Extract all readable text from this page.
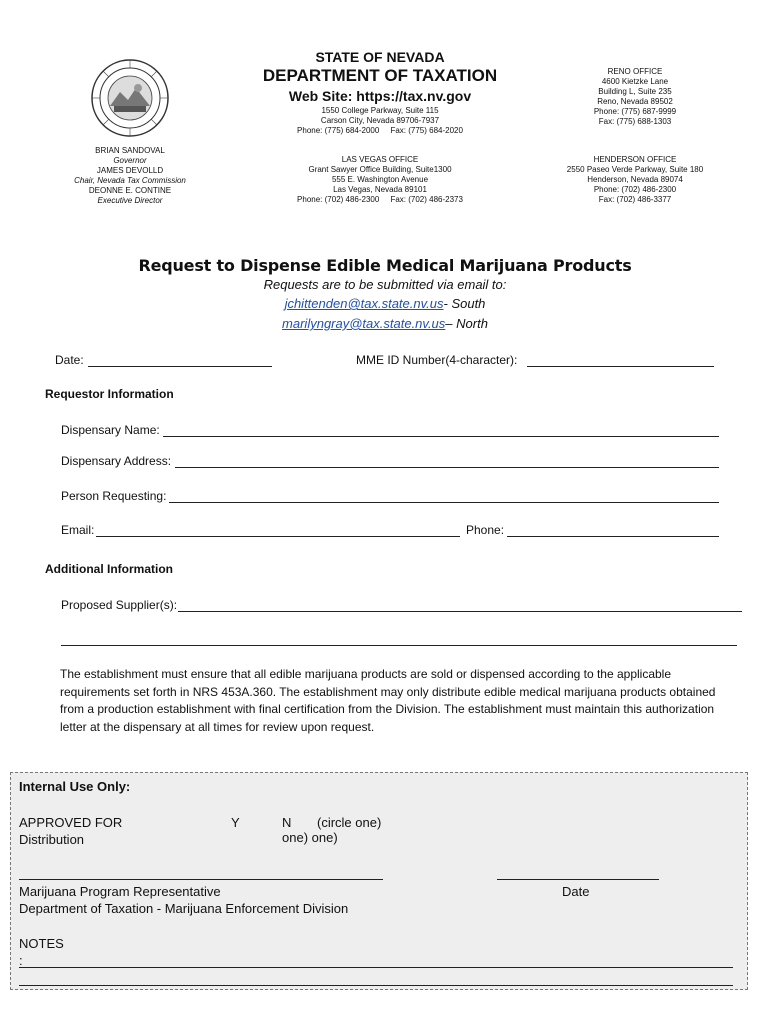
STATE OF NEVADA
DEPARTMENT OF TAXATION
Web Site: https://tax.nv.gov
1550 College Parkway, Suite 115
Carson City, Nevada 89706-7937
Phone: (775) 684-2000     Fax: (775) 684-2020
RENO OFFICE
4600 Kietzke Lane
Building L, Suite 235
Reno, Nevada 89502
Phone: (775) 687-9999
Fax: (775) 688-1303
BRIAN SANDOVAL
Governor
JAMES DEVOLLD
Chair, Nevada Tax Commission
DEONNE E. CONTINE
Executive Director
LAS VEGAS OFFICE
Grant Sawyer Office Building, Suite1300
555 E. Washington Avenue
Las Vegas, Nevada 89101
Phone: (702) 486-2300     Fax: (702) 486-2373
HENDERSON OFFICE
2550 Paseo Verde Parkway, Suite 180
Henderson, Nevada 89074
Phone: (702) 486-2300
Fax: (702) 486-3377
Request to Dispense Edible Medical Marijuana Products
Requests are to be submitted via email to:
jchittenden@tax.state.nv.us- South
marilyngray@tax.state.nv.us– North
Date:	MME ID Number(4-character):
Requestor Information
Dispensary Name:
Dispensary Address:
Person Requesting:
Email:	Phone:
Additional Information
Proposed Supplier(s):
The establishment must ensure that all edible marijuana products are sold or dispensed according to the applicable requirements set forth in NRS 453A.360. The establishment may only distribute edible medical marijuana products obtained from a production establishment with final certification from the Division. The establishment must maintain this authorization letter at the dispensary at all times for review upon request.
Internal Use Only:
APPROVED FOR
Distribution
Y	N (circle one)
one) one)
Marijuana Program Representative
Department of Taxation - Marijuana Enforcement Division
Date
NOTES
:
